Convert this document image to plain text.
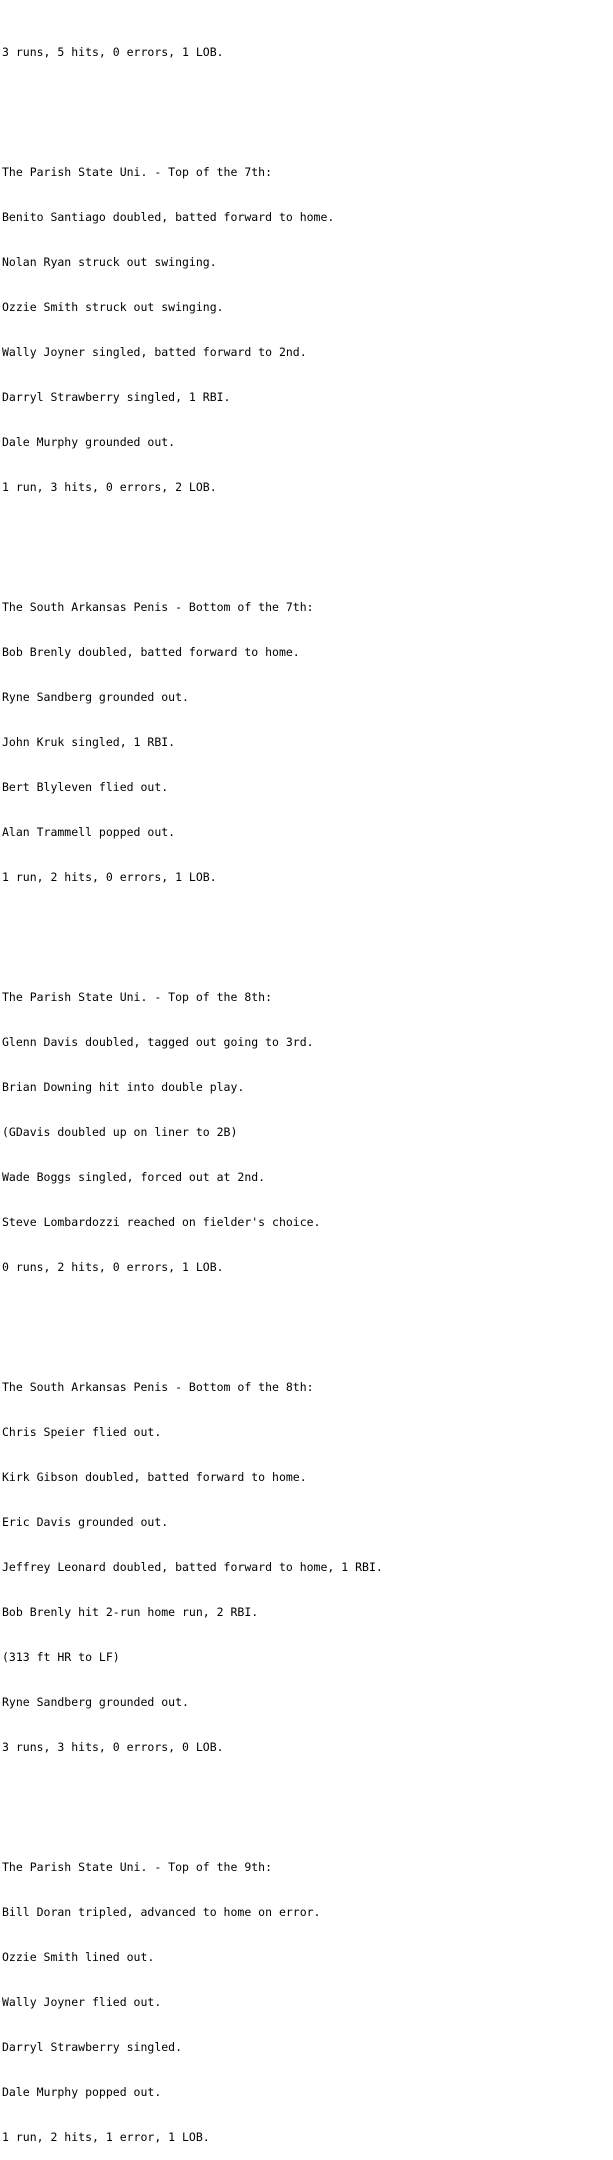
3 runs, 5 hits, 0 errors, 1 LOB.

The Parish State Uni. - Top of the 7th:

Benito Santiago doubled, batted forward to home.

Nolan Ryan struck out swinging.

Ozzie Smith struck out swinging.

Wally Joyner singled, batted forward to 2nd.

Darryl Strawberry singled, 1 RBI.

Dale Murphy grounded out.

1 run, 3 hits, 0 errors, 2 LOB.

The South Arkansas Penis - Bottom of the 7th:

Bob Brenly doubled, batted forward to home.

Ryne Sandberg grounded out.

John Kruk singled, 1 RBI.

Bert Blyleven flied out.

Alan Trammell popped out.

1 run, 2 hits, 0 errors, 1 LOB.

The Parish State Uni. - Top of the 8th:

Glenn Davis doubled, tagged out going to 3rd.

Brian Downing hit into double play.

(GDavis doubled up on liner to 2B)

Wade Boggs singled, forced out at 2nd.

Steve Lombardozzi reached on fielder's choice.

0 runs, 2 hits, 0 errors, 1 LOB.

The South Arkansas Penis - Bottom of the 8th:

Chris Speier flied out.

Kirk Gibson doubled, batted forward to home.

Eric Davis grounded out.

Jeffrey Leonard doubled, batted forward to home, 1 RBI.

Bob Brenly hit 2-run home run, 2 RBI.

(313 ft HR to LF)

Ryne Sandberg grounded out.

3 runs, 3 hits, 0 errors, 0 LOB.

The Parish State Uni. - Top of the 9th:

Bill Doran tripled, advanced to home on error.

Ozzie Smith lined out.

Wally Joyner flied out.

Darryl Strawberry singled.

Dale Murphy popped out.

1 run, 2 hits, 1 error, 1 LOB.
